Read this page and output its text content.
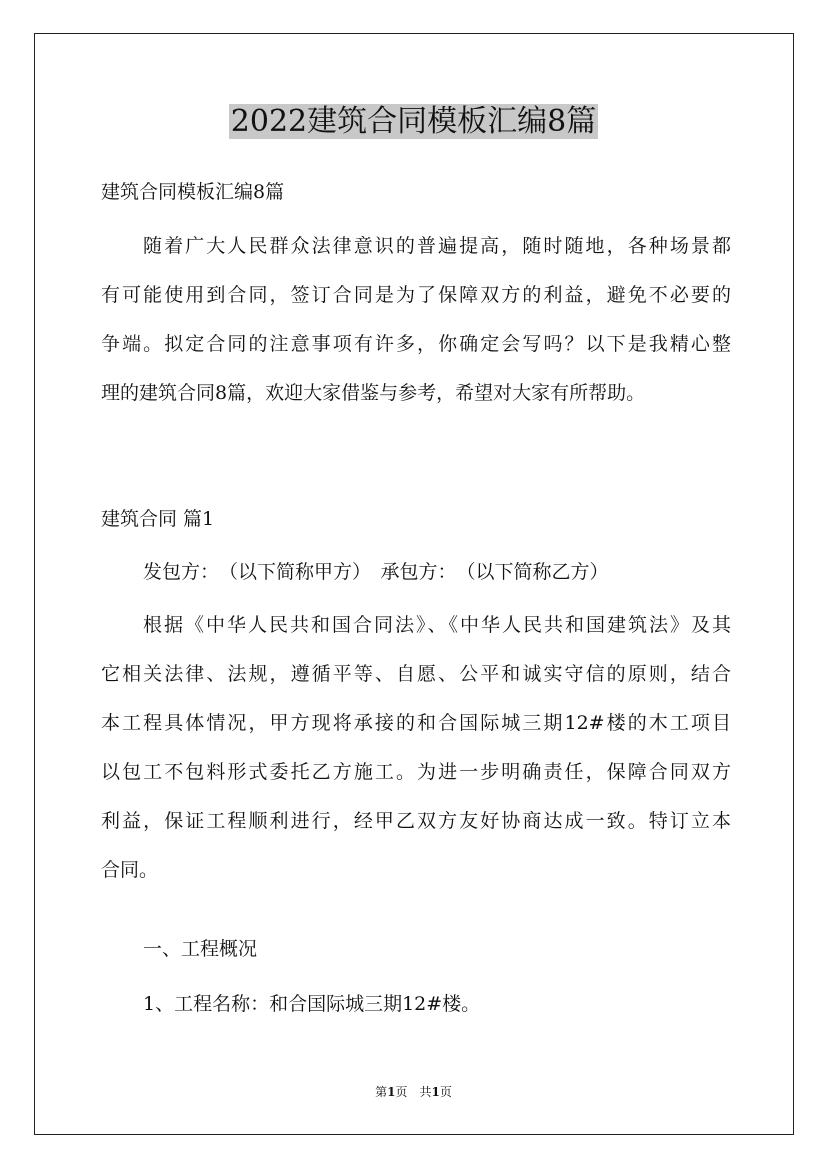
2022建筑合同模板汇编8篇
建筑合同模板汇编8篇
随着广大人民群众法律意识的普遍提高，随时随地，各种场景都
有可能使用到合同，签订合同是为了保障双方的利益，避免不必要的
争端。拟定合同的注意事项有许多，你确定会写吗？以下是我精心整
理的建筑合同8篇，欢迎大家借鉴与参考，希望对大家有所帮助。
建筑合同 篇1
发包方：　（以下简称甲方）　承包方：　（以下简称乙方）
根据《中华人民共和国合同法》、《中华人民共和国建筑法》及其
它相关法律、法规，遵循平等、自愿、公平和诚实守信的原则，结合
本工程具体情况，甲方现将承接的和合国际城三期12#楼的木工项目
以包工不包料形式委托乙方施工。为进一步明确责任，保障合同双方
利益，保证工程顺利进行，经甲乙双方友好协商达成一致。特订立本
合同。
一、工程概况
1、工程名称：和合国际城三期12#楼。
第1页　共1页
